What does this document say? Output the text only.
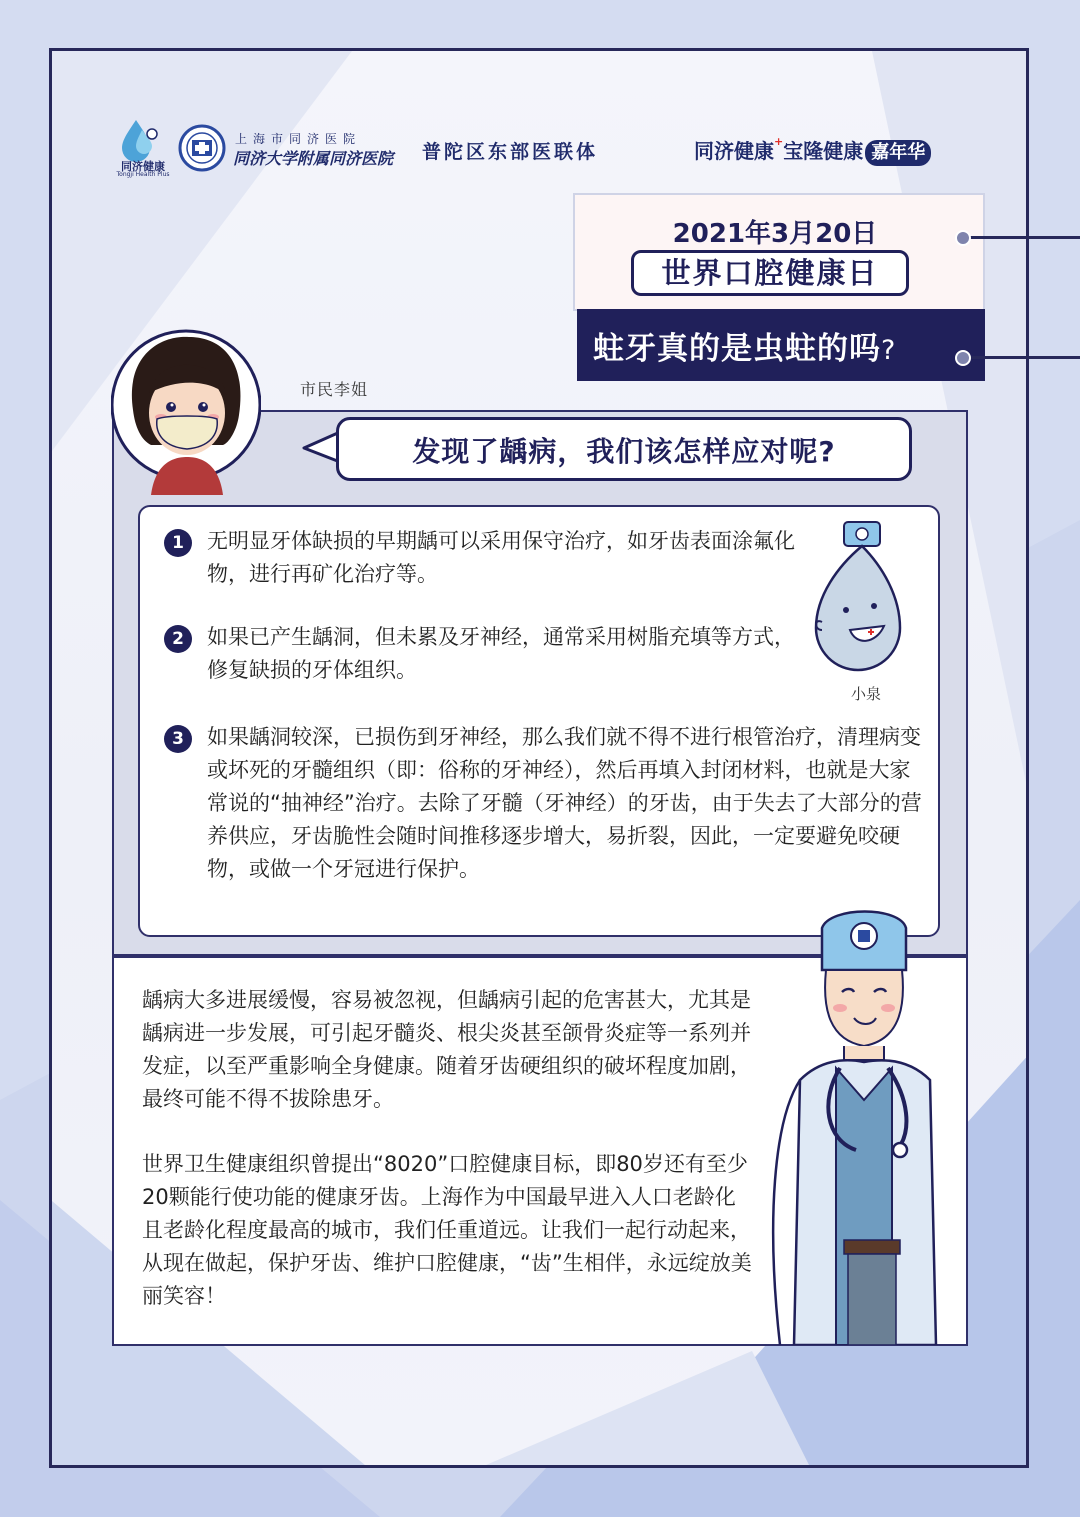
同济健康
Tongji Health Plus
上海市同济医院
同济大学附属同济医院 普陀区东部医联体	同济健康+宝隆健康 嘉年华
2021年3月20日
世界口腔健康日
蛀牙真的是虫蛀的吗?
市民李姐
发现了龋病，我们该怎样应对呢?
1	无明显牙体缺损的早期龋可以采用保守治疗，如牙齿表面涂氟化物，进行再矿化治疗等。
2	如果已产生龋洞，但未累及牙神经，通常采用树脂充填等方式，修复缺损的牙体组织。
3	如果龋洞较深，已损伤到牙神经，那么我们就不得不进行根管治疗，清理病变或坏死的牙髓组织（即：俗称的牙神经），然后再填入封闭材料，也就是大家常说的“抽神经”治疗。去除了牙髓（牙神经）的牙齿，由于失去了大部分的营养供应，牙齿脆性会随时间推移逐步增大，易折裂，因此，一定要避免咬硬物，或做一个牙冠进行保护。
小泉

龋病大多进展缓慢，容易被忽视，但龋病引起的危害甚大，尤其是龋病进一步发展，可引起牙髓炎、根尖炎甚至颌骨炎症等一系列并发症，以至严重影响全身健康。随着牙齿硬组织的破坏程度加剧，最终可能不得不拔除患牙。

世界卫生健康组织曾提出“8020”口腔健康目标，即80岁还有至少20颗能行使功能的健康牙齿。上海作为中国最早进入人口老龄化且老龄化程度最高的城市，我们任重道远。让我们一起行动起来，从现在做起，保护牙齿、维护口腔健康，“齿”生相伴，永远绽放美丽笑容！
